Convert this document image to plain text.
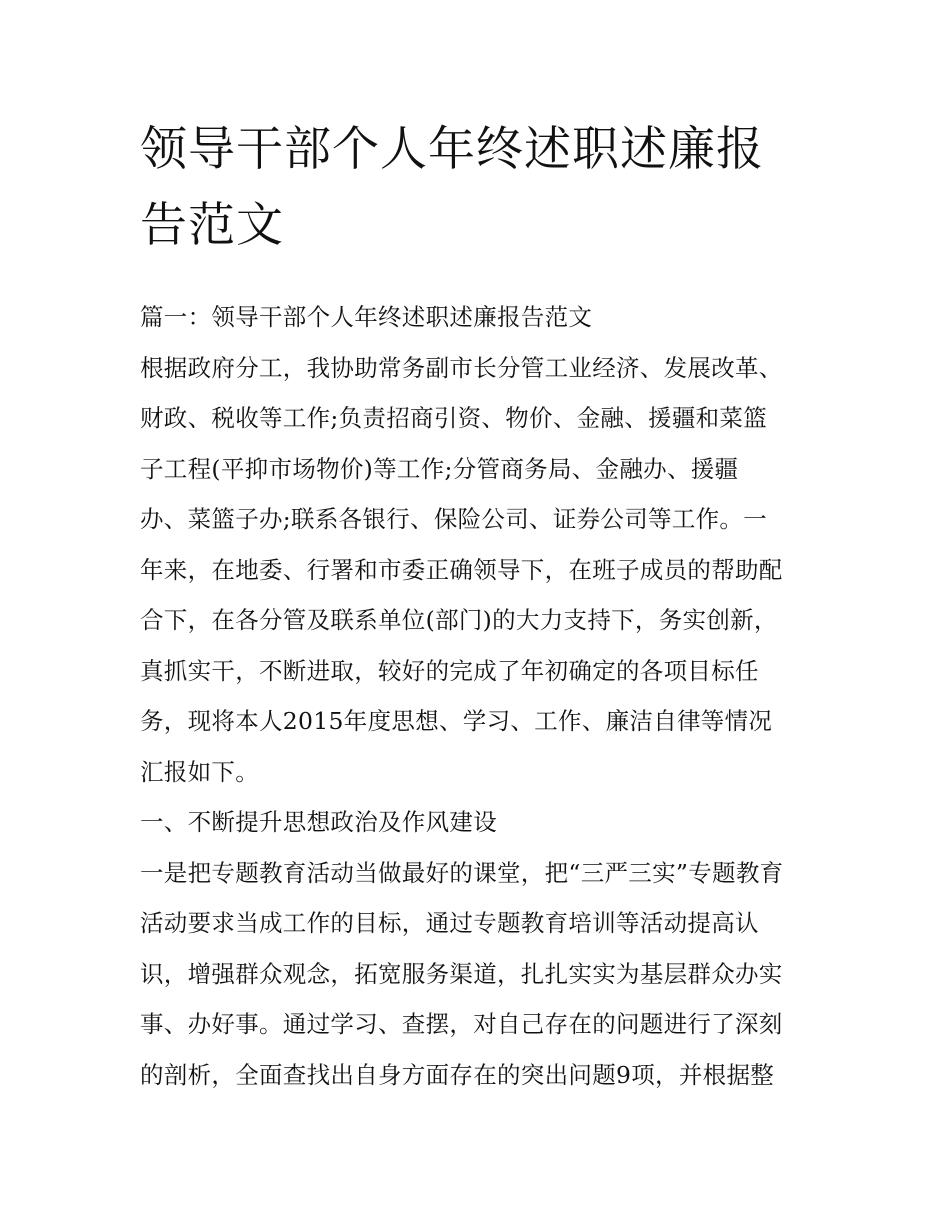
领导干部个人年终述职述廉报
告范文
篇一：领导干部个人年终述职述廉报告范文
根据政府分工，我协助常务副市长分管工业经济、发展改革、
财政、税收等工作;负责招商引资、物价、金融、援疆和菜篮
子工程(平抑市场物价)等工作;分管商务局、金融办、援疆
办、菜篮子办;联系各银行、保险公司、证券公司等工作。一
年来，在地委、行署和市委正确领导下，在班子成员的帮助配
合下，在各分管及联系单位(部门)的大力支持下，务实创新，
真抓实干，不断进取，较好的完成了年初确定的各项目标任
务，现将本人2015年度思想、学习、工作、廉洁自律等情况
汇报如下。
一、不断提升思想政治及作风建设
一是把专题教育活动当做最好的课堂，把“三严三实”专题教育
活动要求当成工作的目标，通过专题教育培训等活动提高认
识，增强群众观念，拓宽服务渠道，扎扎实实为基层群众办实
事、办好事。通过学习、查摆，对自己存在的问题进行了深刻
的剖析，全面查找出自身方面存在的突出问题9项，并根据整
